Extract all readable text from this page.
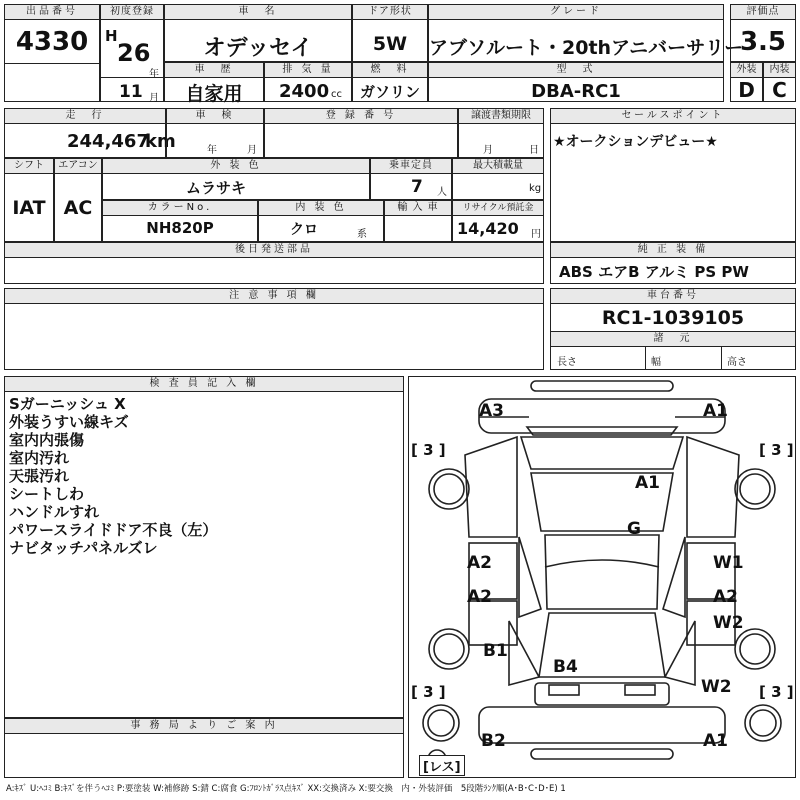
出品番号
4330
初度登録
H
26
年
11 月
車　名
オデッセイ
ドア形状
5W
グレード
アブソルート・20thアニバーサリー
評価点
3.5
車　歴
自家用
排 気 量
2400 cc
燃　料
ガソリン
型　式
DBA-RC1
外装
D
内装
C
走　行
244,467
km
車　検
年	月
登 録 番 号	譲渡書類期限
月	日
セールスポイント
★オークションデビュー★
シフト
IAT
エアコン
AC
外 装 色
ムラサキ
乗車定員
7 人
最大積載量
kg
カラーNo.
NH820P
内 装 色
クロ	系
輸 入 車	リサイクル預託金
14,420 円
後日発送部品	純 正 装 備
ABS エアB アルミ PS PW
注 意 事 項 欄	車台番号
RC1-1039105
諸　元
長さ	幅	高さ
検 査 員 記 入 欄
Sガーニッシュ X
外装うすい線キズ
室内内張傷
室内汚れ
天張汚れ
シートしわ
ハンドルすれ
パワースライドドア不良（左）
ナビタッチパネルズレ
事 務 局 よ り ご 案 内
A3	A1
A1
G
A2	W1
A2	A2
W2
B1
B4
W2
B2	A1
[ 3 ]	[ 3 ]
[ 3 ]	[ 3 ]
[レス]
A:ｷｽﾞ U:ﾍｺﾐ B:ｷｽﾞを伴うﾍｺﾐ P:要塗装 W:補修跡 S:錆 C:腐食 G:ﾌﾛﾝﾄｶﾞﾗｽ点ｷｽﾞ XX:交換済み X:要交換　内・外装評価　5段階ﾗﾝｸ順(A･B･C･D･E) 1
